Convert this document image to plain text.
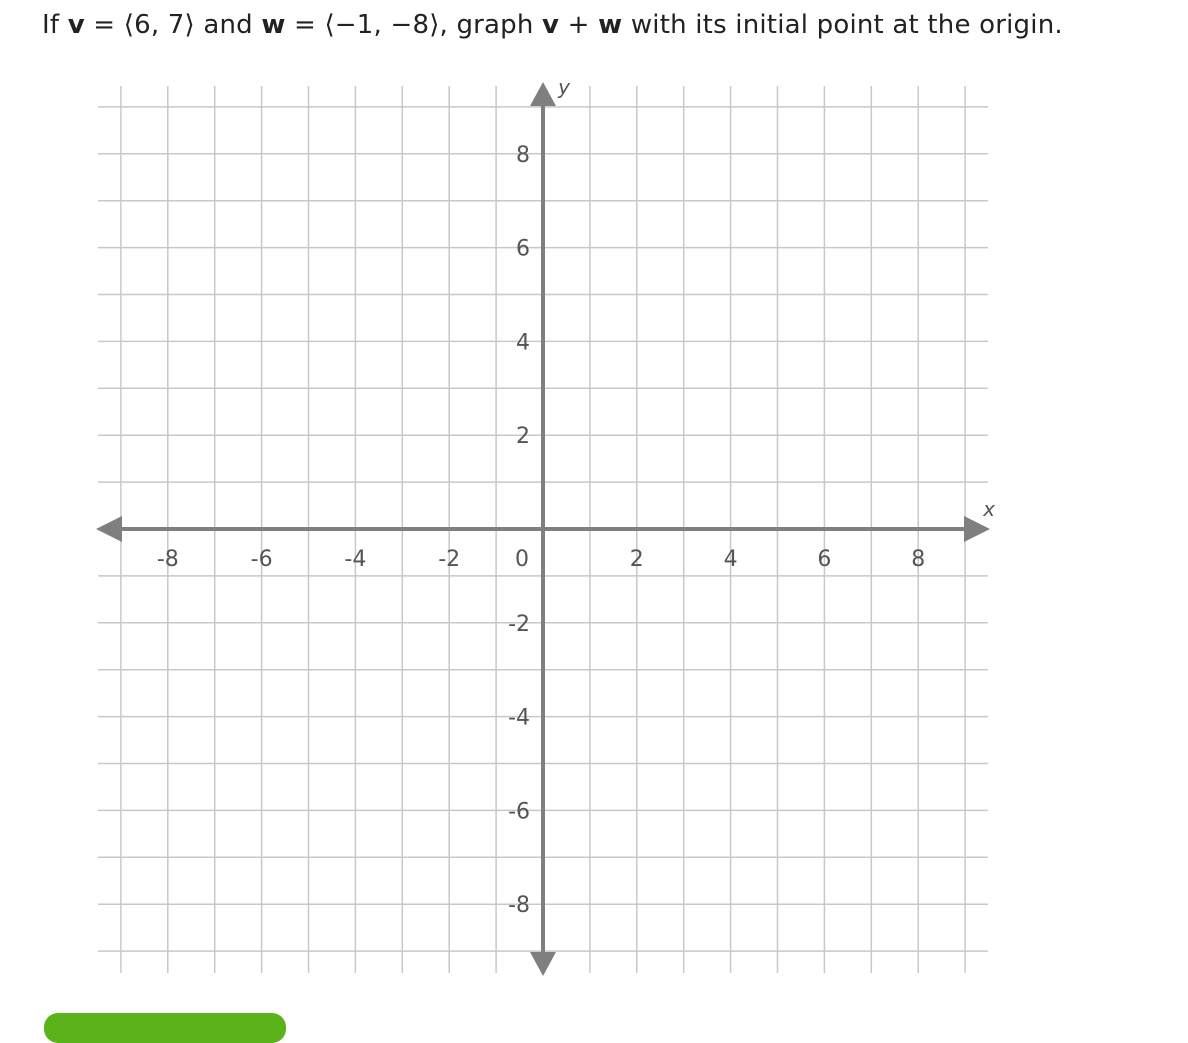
If v = ⟨6, 7⟩ and w = ⟨−1, −8⟩, graph v + w with its initial point at the origin.
-8	-6	-4	-2	2	4	6	8
8
6
4
2
-2
-4
-6
-8
0
x
y
